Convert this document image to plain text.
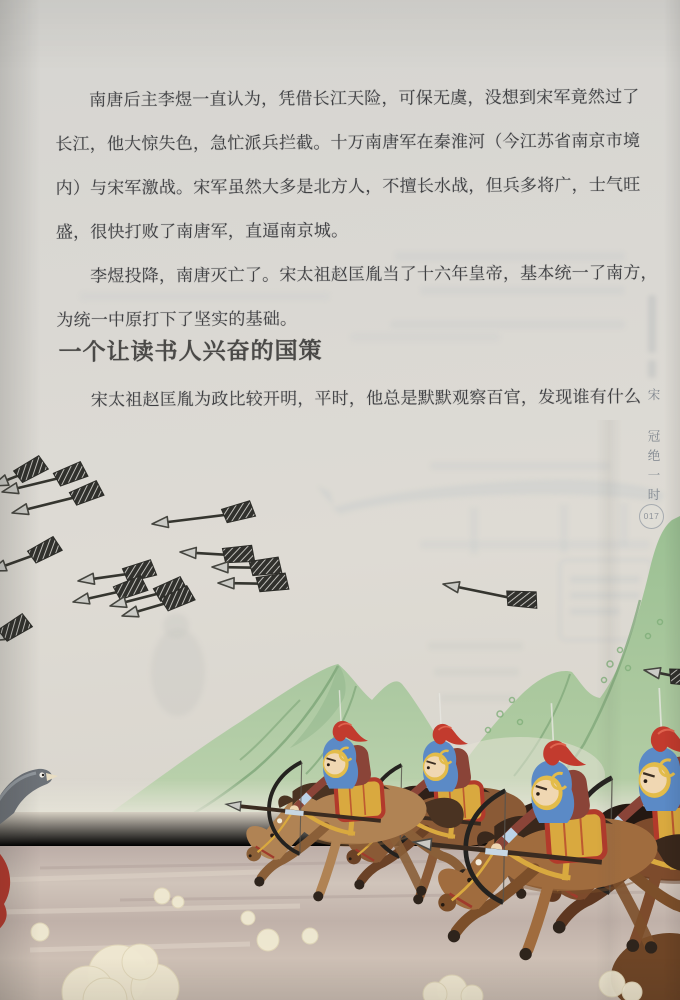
南唐后主李煜一直认为，凭借长江天险，可保无虞，没想到宋军竟然过了
长江，他大惊失色，急忙派兵拦截。十万南唐军在秦淮河（今江苏省南京市境
内）与宋军激战。宋军虽然大多是北方人，不擅长水战，但兵多将广，士气旺
盛，很快打败了南唐军，直逼南京城。
李煜投降，南唐灭亡了。宋太祖赵匡胤当了十六年皇帝，基本统一了南方，
为统一中原打下了坚实的基础。
一个让读书人兴奋的国策
宋太祖赵匡胤为政比较开明，平时，他总是默默观察百官，发现谁有什么 宋冠绝一时
017
